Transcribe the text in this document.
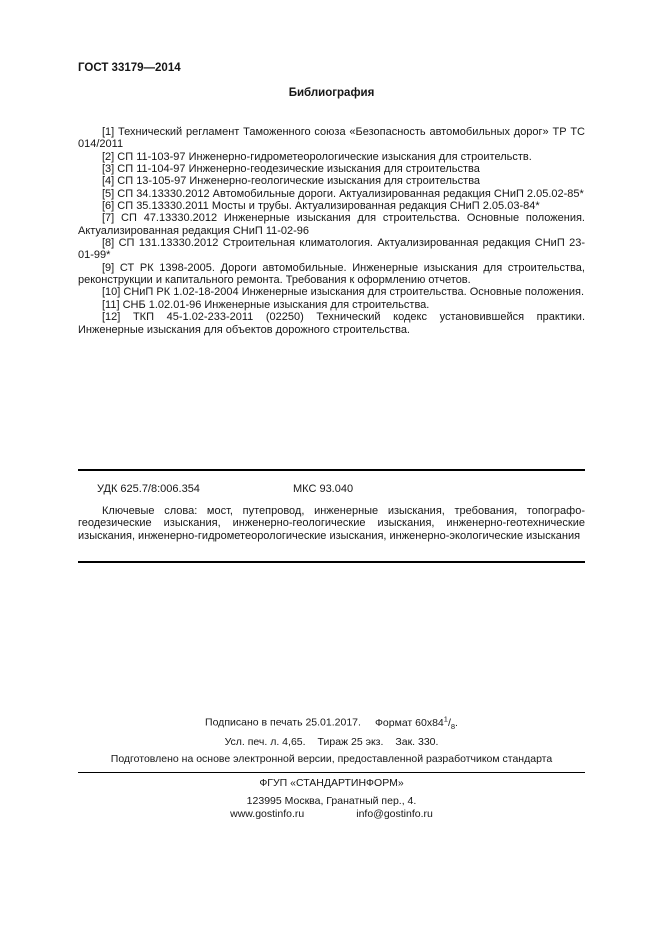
ГОСТ 33179—2014
Библиография

[1] Технический регламент Таможенного союза «Безопасность автомобильных дорог» ТР ТС 014/2011

[2] СП 11-103-97 Инженерно-гидрометеорологические изыскания для строительств.

[3] СП 11-104-97 Инженерно-геодезические изыскания для строительства

[4] СП 13-105-97 Инженерно-геологические изыскания для строительства

[5] СП 34.13330.2012 Автомобильные дороги. Актуализированная редакция СНиП 2.05.02-85*

[6] СП 35.13330.2011 Мосты и трубы. Актуализированная редакция СНиП 2.05.03-84*

[7] СП 47.13330.2012 Инженерные изыскания для строительства. Основные положения. Актуализированная редакция СНиП 11-02-96

[8] СП 131.13330.2012 Строительная климатология. Актуализированная редакция СНиП 23-01-99*

[9] СТ РК 1398-2005. Дороги автомобильные. Инженерные изыскания для строительства, реконструкции и капитального ремонта. Требования к оформлению отчетов.

[10] СНиП РК 1.02-18-2004 Инженерные изыскания для строительства. Основные положения.

[11] СНБ 1.02.01-96 Инженерные изыскания для строительства.

[12] ТКП 45-1.02-233-2011 (02250) Технический кодекс установившейся практики. Инженерные изыскания для объектов дорожного строительства.

УДК 625.7/8:006.354	МКС 93.040

Ключевые слова: мост, путепровод, инженерные изыскания, требования, топографо-геодезические изыскания, инженерно-геологические изыскания, инженерно-геотехнические изыскания, инженерно-гидрометеорологические изыскания, инженерно-экологические изыскания

Подписано в печать 25.01.2017. Формат $60х84^1/_8$.

Усл. печ. л. 4,65. Тираж 25 экз. Зак. 330.

Подготовлено на основе электронной версии, предоставленной разработчиком стандарта

ФГУП «СТАНДАРТИНФОРМ»

123995 Москва, Гранатный пер., 4.

www.gostinfo.ru	info@gostinfo.ru
